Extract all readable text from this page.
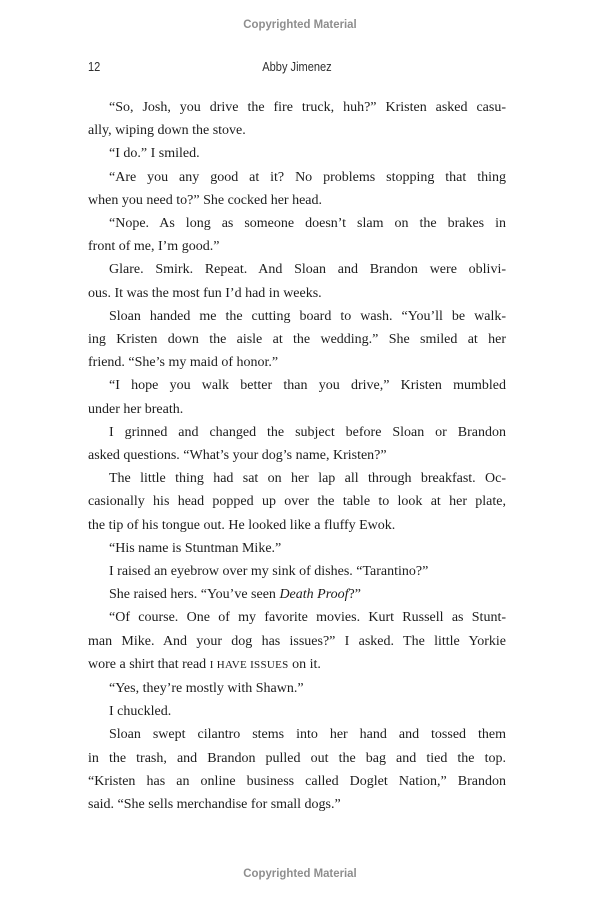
Copyrighted Material
12	Abby Jimenez
“So, Josh, you drive the fire truck, huh?” Kristen asked casu-
ally, wiping down the stove.
“I do.” I smiled.
“Are you any good at it? No problems stopping that thing
when you need to?” She cocked her head.
“Nope. As long as someone doesn’t slam on the brakes in
front of me, I’m good.”
Glare. Smirk. Repeat. And Sloan and Brandon were oblivi-
ous. It was the most fun I’d had in weeks.
Sloan handed me the cutting board to wash. “You’ll be walk-
ing Kristen down the aisle at the wedding.” She smiled at her
friend. “She’s my maid of honor.”
“I hope you walk better than you drive,” Kristen mumbled
under her breath.
I grinned and changed the subject before Sloan or Brandon
asked questions. “What’s your dog’s name, Kristen?”
The little thing had sat on her lap all through breakfast. Oc-
casionally his head popped up over the table to look at her plate,
the tip of his tongue out. He looked like a fluffy Ewok.
“His name is Stuntman Mike.”
I raised an eyebrow over my sink of dishes. “Tarantino?”
She raised hers. “You’ve seen Death Proof?”
“Of course. One of my favorite movies. Kurt Russell as Stunt-
man Mike. And your dog has issues?” I asked. The little Yorkie
wore a shirt that read I HAVE ISSUES on it.
“Yes, they’re mostly with Shawn.”
I chuckled.
Sloan swept cilantro stems into her hand and tossed them
in the trash, and Brandon pulled out the bag and tied the top.
“Kristen has an online business called Doglet Nation,” Brandon
said. “She sells merchandise for small dogs.”
Copyrighted Material
